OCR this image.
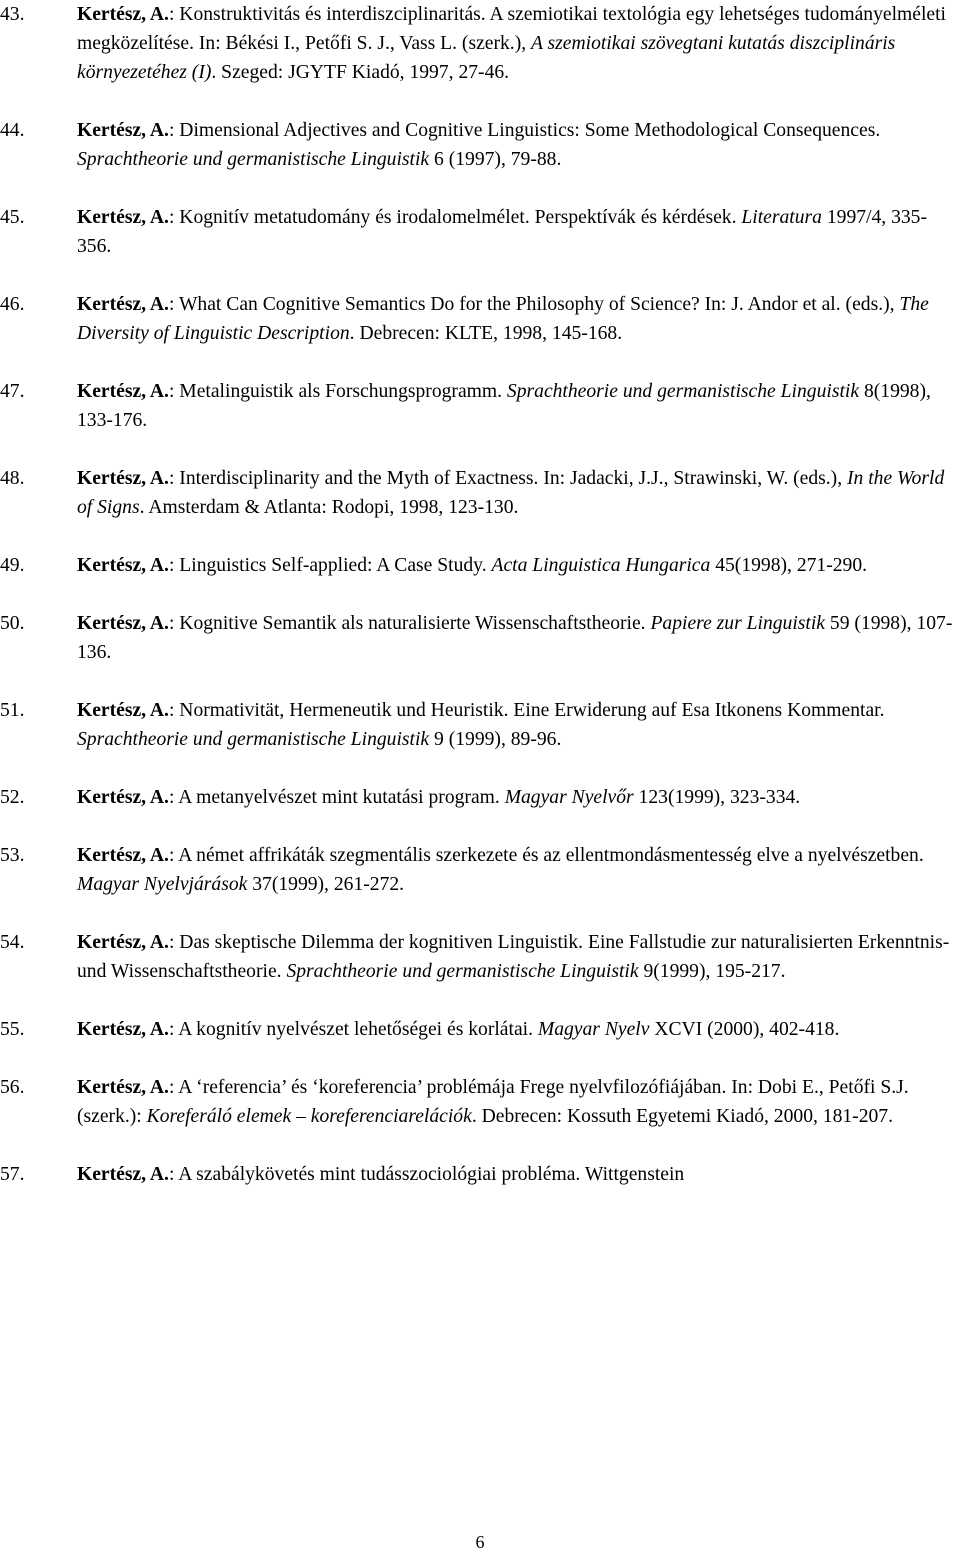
43.	Kertész, A.: Konstruktivitás és interdiszciplinaritás. A szemiotikai textológia egy lehetséges tudományelméleti megközelítése. In: Békési I., Petőfi S. J., Vass L. (szerk.), A szemiotikai szövegtani kutatás diszciplináris környezetéhez (I). Szeged: JGYTF Kiadó, 1997, 27-46.
44.	Kertész, A.: Dimensional Adjectives and Cognitive Linguistics: Some Methodological Consequences. Sprachtheorie und germanistische Linguistik 6 (1997), 79-88.
45.	Kertész, A.: Kognitív metatudomány és irodalomelmélet. Perspektívák és kérdések. Literatura 1997/4, 335-356.
46.	Kertész, A.: What Can Cognitive Semantics Do for the Philosophy of Science? In: J. Andor et al. (eds.), The Diversity of Linguistic Description. Debrecen: KLTE, 1998, 145-168.
47.	Kertész, A.: Metalinguistik als Forschungsprogramm. Sprachtheorie und germanistische Linguistik 8(1998), 133-176.
48.	Kertész, A.: Interdisciplinarity and the Myth of Exactness. In: Jadacki, J.J., Strawinski, W. (eds.), In the World of Signs. Amsterdam & Atlanta: Rodopi, 1998, 123-130.
49.	Kertész, A.: Linguistics Self-applied: A Case Study. Acta Linguistica Hungarica 45(1998), 271-290.
50.	Kertész, A.: Kognitive Semantik als naturalisierte Wissenschaftstheorie. Papiere zur Linguistik 59 (1998), 107-136.
51.	Kertész, A.: Normativität, Hermeneutik und Heuristik. Eine Erwiderung auf Esa Itkonens Kommentar. Sprachtheorie und germanistische Linguistik 9 (1999), 89-96.
52.	Kertész, A.: A metanyelvészet mint kutatási program. Magyar Nyelvőr 123(1999), 323-334.
53.	Kertész, A.: A német affrikáták szegmentális szerkezete és az ellentmondásmentesség elve a nyelvészetben. Magyar Nyelvjárások 37(1999), 261-272.
54.	Kertész, A.: Das skeptische Dilemma der kognitiven Linguistik. Eine Fallstudie zur naturalisierten Erkenntnis- und Wissenschaftstheorie. Sprachtheorie und germanistische Linguistik 9(1999), 195-217.
55.	Kertész, A.: A kognitív nyelvészet lehetőségei és korlátai. Magyar Nyelv XCVI (2000), 402-418.
56.	Kertész, A.: A ‘referencia’ és ‘koreferencia’ problémája Frege nyelvfilozófiájában. In: Dobi E., Petőfi S.J. (szerk.): Koreferáló elemek – koreferenciarelációk. Debrecen: Kossuth Egyetemi Kiadó, 2000, 181-207.
57.	Kertész, A.: A szabálykövetés mint tudásszociológiai probléma. Wittgenstein
6
